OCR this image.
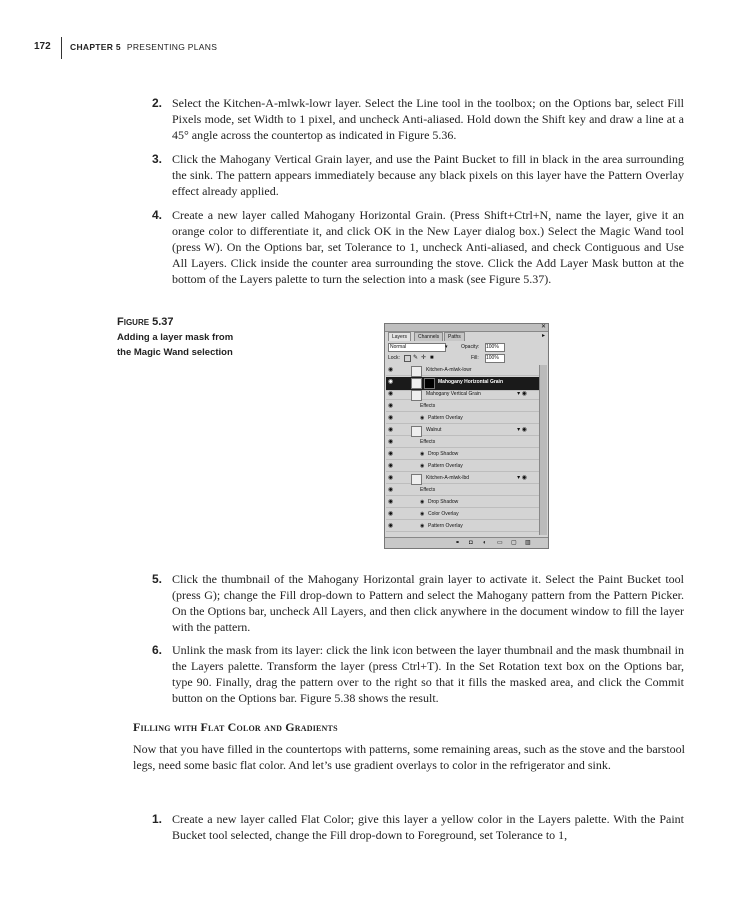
172 CHAPTER 5 PRESENTING PLANS
2. Select the Kitchen-A-mlwk-lowr layer. Select the Line tool in the toolbox; on the Options bar, select Fill Pixels mode, set Width to 1 pixel, and uncheck Anti-aliased. Hold down the Shift key and draw a line at a 45° angle across the countertop as indicated in Figure 5.36.
3. Click the Mahogany Vertical Grain layer, and use the Paint Bucket to fill in black in the area surrounding the sink. The pattern appears immediately because any black pixels on this layer have the Pattern Overlay effect already applied.
4. Create a new layer called Mahogany Horizontal Grain. (Press Shift+Ctrl+N, name the layer, give it an orange color to differentiate it, and click OK in the New Layer dialog box.) Select the Magic Wand tool (press W). On the Options bar, set Tolerance to 1, uncheck Anti-aliased, and check Contiguous and Use All Layers. Click inside the counter area surrounding the stove. Click the Add Layer Mask button at the bottom of the Layers palette to turn the selection into a mask (see Figure 5.37).
Figure 5.37
Adding a layer mask from the Magic Wand selection
✕
Layers	Channels	Paths	▸
Normal	▾	Opacity: 100%
Lock: ✎ ✛ ■	Fill: 100%
◉	Kitchen-A-mlwk-lowr
◉	Mahogany Horizontal Grain
◉	▾ ◉
Mahogany Vertical Grain
◉	Effects
◉	◉ Pattern Overlay
◉	▾ ◉
Walnut
◉	Effects
◉	◉ Drop Shadow
◉	◉ Pattern Overlay
◉	▾ ◉
Kitchen-A-mlwk-lbd
◉	Effects
◉	◉ Drop Shadow
◉	◉ Color Overlay
◉	◉ Pattern Overlay
⚭ ◘ ◐ ▭ ▢ ▥
5. Click the thumbnail of the Mahogany Horizontal grain layer to activate it. Select the Paint Bucket tool (press G); change the Fill drop-down to Pattern and select the Mahogany pattern from the Pattern Picker. On the Options bar, uncheck All Layers, and then click anywhere in the document window to fill the layer with the pattern.
6. Unlink the mask from its layer: click the link icon between the layer thumbnail and the mask thumbnail in the Layers palette. Transform the layer (press Ctrl+T). In the Set Rotation text box on the Options bar, type 90. Finally, drag the pattern over to the right so that it fills the masked area, and click the Commit button on the Options bar. Figure 5.38 shows the result.
Filling with Flat Color and Gradients
Now that you have filled in the countertops with patterns, some remaining areas, such as the stove and the barstool legs, need some basic flat color. And let’s use gradient overlays to color in the refrigerator and sink.
1. Create a new layer called Flat Color; give this layer a yellow color in the Layers palette. With the Paint Bucket tool selected, change the Fill drop-down to Foreground, set Tolerance to 1,
